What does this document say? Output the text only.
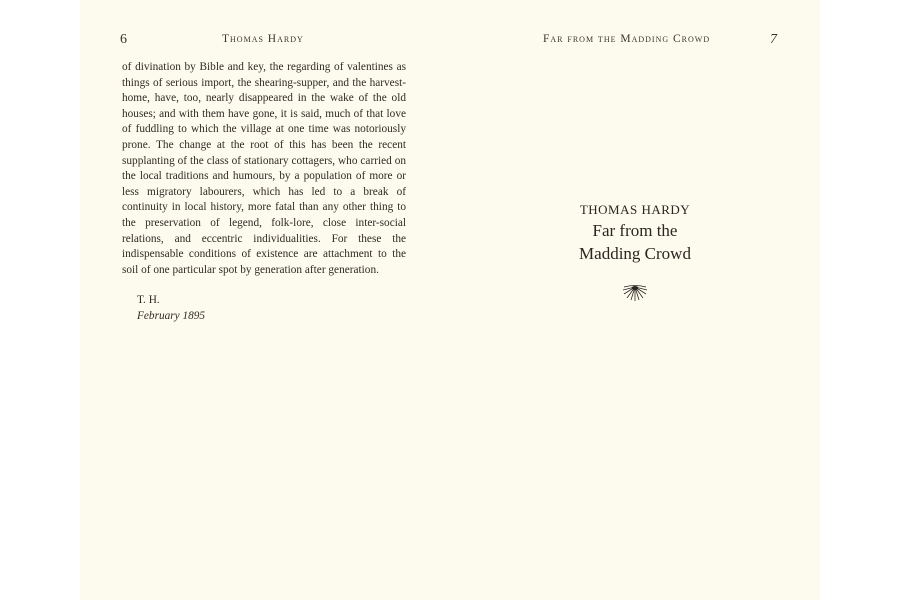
6	Thomas Hardy	Far from the Madding Crowd	7

of divination by Bible and key, the regarding of valentines as things of serious import, the shearing-supper, and the harvest-home, have, too, nearly disappeared in the wake of the old houses; and with them have gone, it is said, much of that love of fuddling to which the village at one time was notoriously prone. The change at the root of this has been the recent supplanting of the class of stationary cottagers, who carried on the local traditions and humours, by a population of more or less migratory labourers, which has led to a break of continuity in local history, more fatal than any other thing to the preservation of legend, folk-lore, close inter-social relations, and eccentric individualities. For these the indispensable conditions of existence are attachment to the soil of one particular spot by generation after generation.

T. H.
February 1895
THOMAS HARDY
Far from the
Madding Crowd
